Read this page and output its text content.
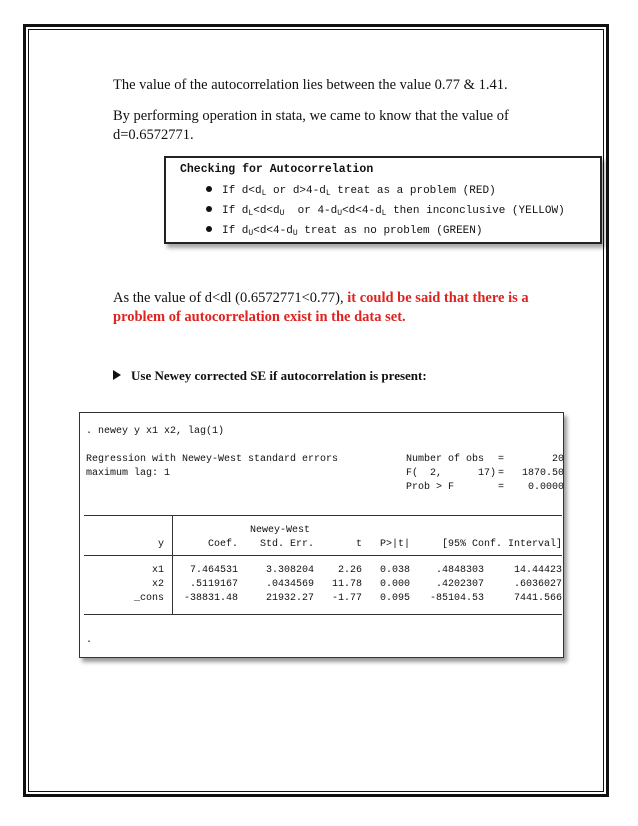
The value of the autocorrelation lies between the value 0.77 & 1.41.

By performing operation in stata, we came to know that the value of d=0.6572771.

Checking for Autocorrelation
If $d<d_L$ or $d>4-d_L$ treat as a problem (RED)
If $d_L<d<d_U$  or $4-d_U<d<4-d_L$ then inconclusive (YELLOW)
If $d_U<d<4-d_U$ treat as no problem (GREEN)

As the value of d<dl (0.6572771<0.77), it could be said that there is a problem of autocorrelation exist in the data set.

Use Newey corrected SE if autocorrelation is present:
. newey y x1 x2, lag(1)
Regression with Newey-West standard errors
maximum lag: 1
Number of obs =	20
F(  2,      17) =	1870.50
Prob > F	=	0.0000
Newey-West
y	Coef.	Std. Err.	t	P>|t|	[95% Conf. Interval]
x1	7.464531	3.308204	2.26	0.038	.4848303	14.44423
x2	.5119167	.0434569	11.78	0.000	.4202307	.6036027
_cons	-38831.48	21932.27	-1.77	0.095	-85104.53	7441.566
.
